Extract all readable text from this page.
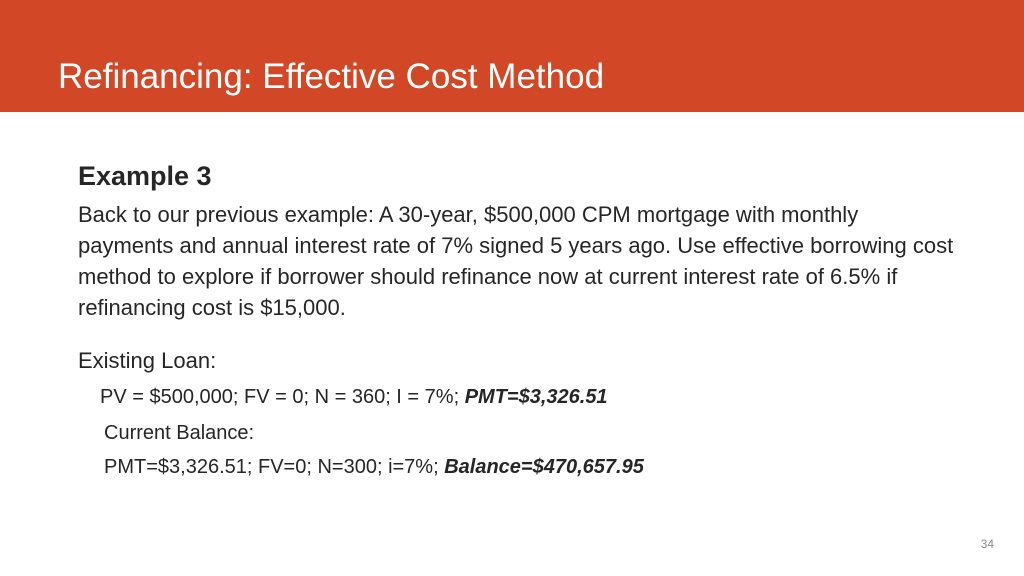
Refinancing: Effective Cost Method
Example 3
Back to our previous example: A 30-year, $500,000 CPM mortgage with monthly payments and annual interest rate of 7% signed 5 years ago. Use effective borrowing cost method to explore if borrower should refinance now at current interest rate of 6.5% if refinancing cost is $15,000.
Existing Loan:
PV = $500,000; FV = 0; N = 360; I = 7%; PMT=$3,326.51
Current Balance:
PMT=$3,326.51; FV=0; N=300; i=7%; Balance=$470,657.95
34
